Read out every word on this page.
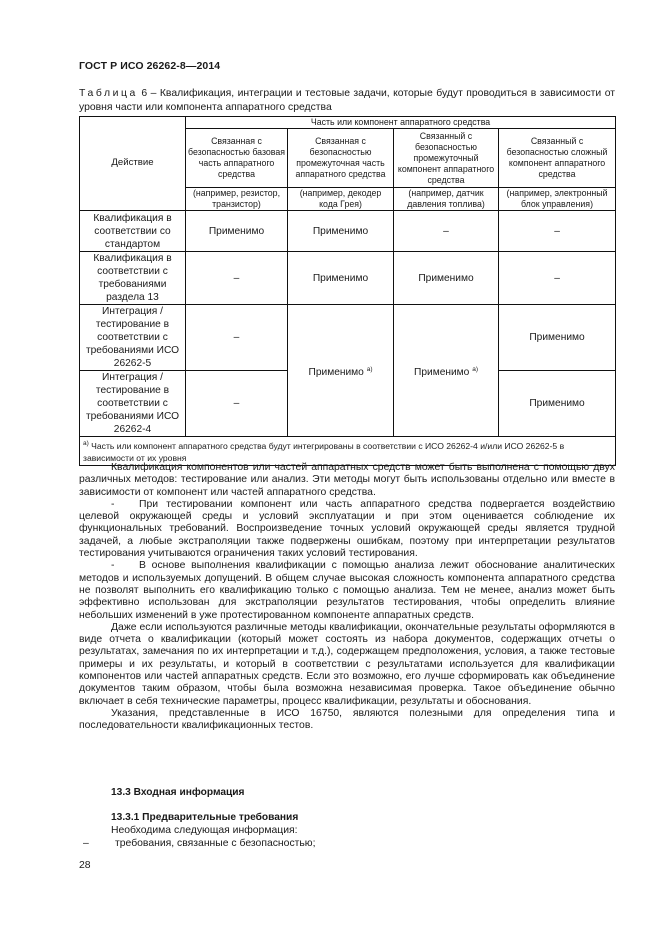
ГОСТ Р ИСО 26262-8—2014
Таблица 6 – Квалификация, интеграции и тестовые задачи, которые будут проводиться в зависимости от уровня части или компонента аппаратного средства
Действие	Часть или компонент аппаратного средства			
	Связанная с безопасностью базовая часть аппаратного средства	Связанная с безопасностью промежуточная часть аппаратного средства	Связанный с безопасностью промежуточный компонент аппаратного средства	Связанный с безопасностью сложный компонент аппаратного средства
	(например, резистор, транзистор)	(например, декодер кода Грея)	(например, датчик давления топлива)	(например, электронный блок управления)
Квалификация в соответствии со стандартом	Применимо	Применимо	–	–
Квалификация в соответствии с требованиями раздела 13	–	Применимо	Применимо	–
Интеграция / тестирование в соответствии с требованиями ИСО 26262-5	–	Применимо $^{а)}$	Применимо $^{а)}$	Применимо
Интеграция / тестирование в соответствии с требованиями ИСО 26262-4	–			Применимо
$^{а)}$ Часть или компонент аппаратного средства будут интегрированы в соответствии с ИСО 26262-4 и/или ИСО 26262-5 в зависимости от их уровня				

Квалификация компонентов или частей аппаратных средств может быть выполнена с помощью двух различных методов: тестирование или анализ. Эти методы могут быть использованы отдельно или вместе в зависимости от компонент или частей аппаратного средства.

- При тестировании компонент или часть аппаратного средства подвергается воздействию целевой окружающей среды и условий эксплуатации и при этом оценивается соблюдение их функциональных требований. Воспроизведение точных условий окружающей среды является трудной задачей, а любые экстраполяции также подвержены ошибкам, поэтому при интерпретации результатов тестирования учитываются ограничения таких условий тестирования.

- В основе выполнения квалификации с помощью анализа лежит обоснование аналитических методов и используемых допущений. В общем случае высокая сложность компонента аппаратного средства не позволят выполнить его квалификацию только с помощью анализа. Тем не менее, анализ может быть эффективно использован для экстраполяции результатов тестирования, чтобы определить влияние небольших изменений в уже протестированном компоненте аппаратных средств.

Даже если используются различные методы квалификации, окончательные результаты оформляются в виде отчета о квалификации (который может состоять из набора документов, содержащих отчеты о результатах, замечания по их интерпретации и т.д.), содержащем предположения, условия, а также тестовые примеры и их результаты, и который в соответствии с результатами используется для квалификации компонентов или частей аппаратных средств. Если это возможно, его лучше сформировать как объединение документов таким образом, чтобы была возможна независимая проверка. Такое объединение обычно включает в себя технические параметры, процесс квалификации, результаты и обоснования.

Указания, представленные в ИСО 16750, являются полезными для определения типа и последовательности квалификационных тестов.

13.3 Входная информация
13.3.1 Предварительные требования
Необходима следующая информация:
–	требования, связанные с безопасностью;
28
